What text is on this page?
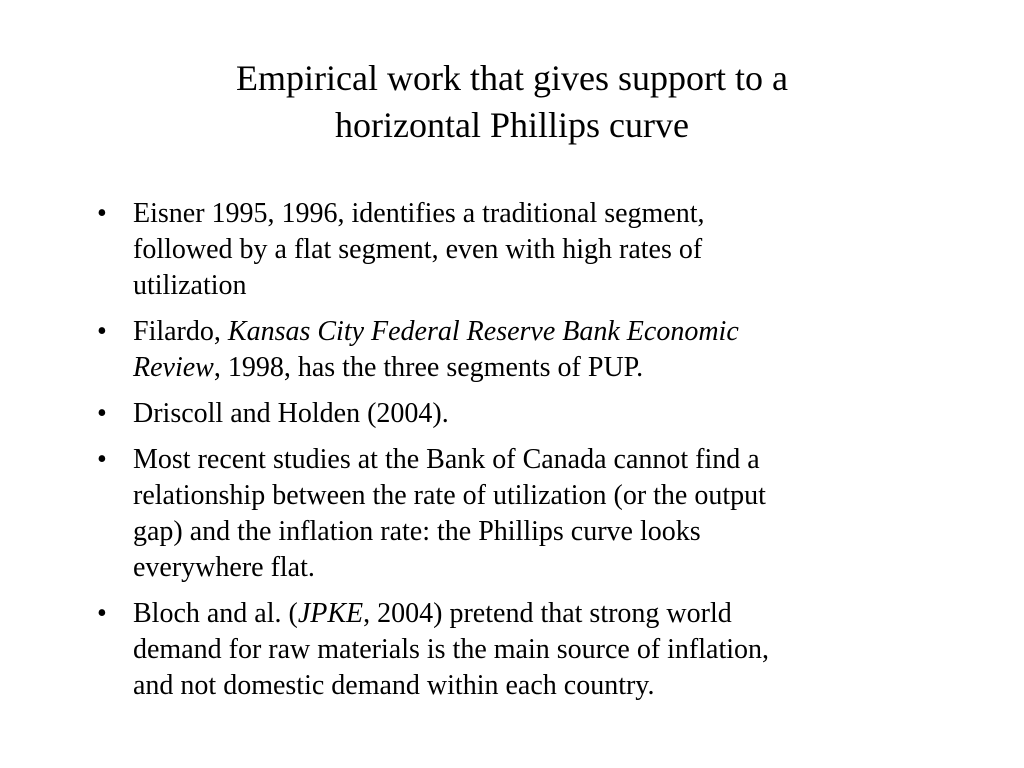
Empirical work that gives support to a
horizontal Phillips curve
• Eisner 1995, 1996, identifies a traditional segment,
followed by a flat segment, even with high rates of
utilization
• Filardo, Kansas City Federal Reserve Bank Economic
Review, 1998, has the three segments of PUP.
• Driscoll and Holden (2004).
• Most recent studies at the Bank of Canada cannot find a
relationship between the rate of utilization (or the output
gap) and the inflation rate: the Phillips curve looks
everywhere flat.
• Bloch and al. (JPKE, 2004) pretend that strong world
demand for raw materials is the main source of inflation,
and not domestic demand within each country.
